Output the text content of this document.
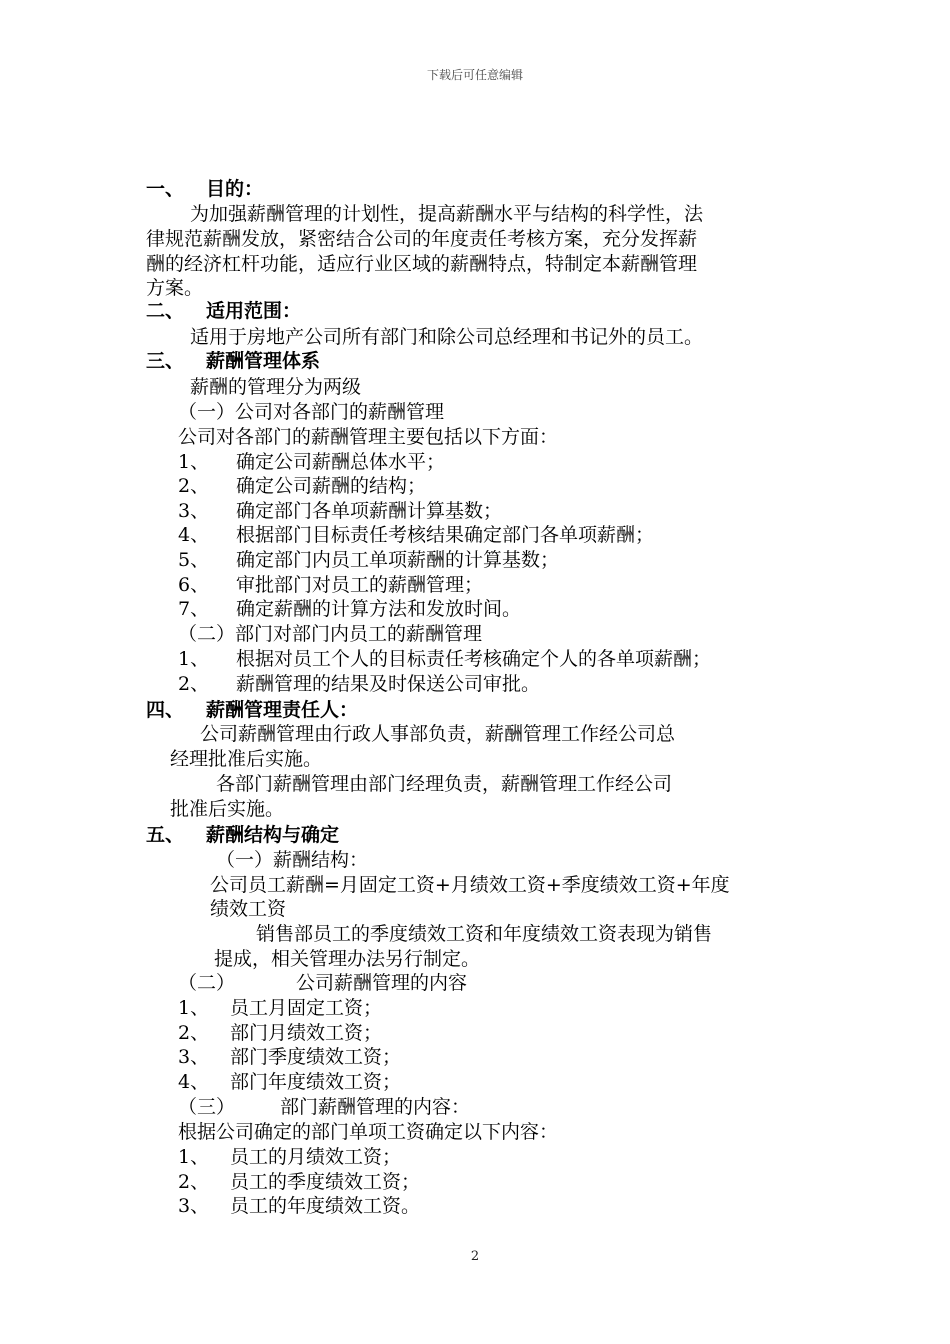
下载后可任意编辑
一、 目的：
为加强薪酬管理的计划性，提高薪酬水平与结构的科学性，法
律规范薪酬发放，紧密结合公司的年度责任考核方案，充分发挥薪
酬的经济杠杆功能，适应行业区域的薪酬特点，特制定本薪酬管理
方案。
二、 适用范围：
适用于房地产公司所有部门和除公司总经理和书记外的员工。
三、 薪酬管理体系
薪酬的管理分为两级
（一）公司对各部门的薪酬管理
公司对各部门的薪酬管理主要包括以下方面：
1、 确定公司薪酬总体水平；
2、 确定公司薪酬的结构；
3、 确定部门各单项薪酬计算基数；
4、 根据部门目标责任考核结果确定部门各单项薪酬；
5、 确定部门内员工单项薪酬的计算基数；
6、 审批部门对员工的薪酬管理；
7、 确定薪酬的计算方法和发放时间。
（二）部门对部门内员工的薪酬管理
1、 根据对员工个人的目标责任考核确定个人的各单项薪酬；
2、 薪酬管理的结果及时保送公司审批。
四、 薪酬管理责任人：
公司薪酬管理由行政人事部负责，薪酬管理工作经公司总
经理批准后实施。
各部门薪酬管理由部门经理负责，薪酬管理工作经公司
批准后实施。
五、 薪酬结构与确定
（一）薪酬结构：
公司员工薪酬=月固定工资+月绩效工资+季度绩效工资+年度
绩效工资
销售部员工的季度绩效工资和年度绩效工资表现为销售
提成，相关管理办法另行制定。
（二）	公司薪酬管理的内容
1、 员工月固定工资；
2、 部门月绩效工资；
3、 部门季度绩效工资；
4、 部门年度绩效工资；
（三） 部门薪酬管理的内容：
根据公司确定的部门单项工资确定以下内容：
1、 员工的月绩效工资；
2、 员工的季度绩效工资；
3、 员工的年度绩效工资。
2
